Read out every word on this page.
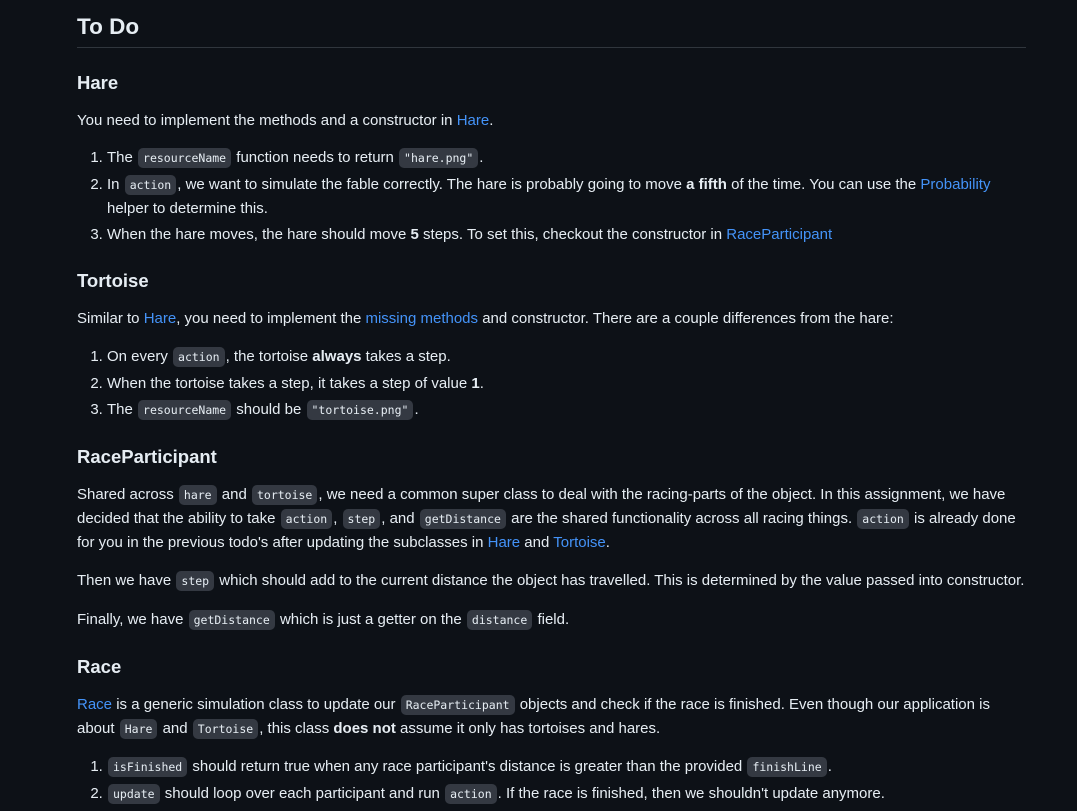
To Do
Hare

You need to implement the methods and a constructor in Hare.

1. The resourceName function needs to return "hare.png" .
2. In action , we want to simulate the fable correctly. The hare is probably going to move a fifth of the time. You can use the Probability helper to determine this.
3. When the hare moves, the hare should move 5 steps. To set this, checkout the constructor in RaceParticipant
Tortoise

Similar to Hare, you need to implement the missing methods and constructor. There are a couple differences from the hare:

1. On every action , the tortoise always takes a step.
2. When the tortoise takes a step, it takes a step of value 1.
3. The resourceName should be "tortoise.png" .
RaceParticipant

Shared across hare and tortoise , we need a common super class to deal with the racing-parts of the object. In this assignment, we have decided that the ability to take action , step , and getDistance are the shared functionality across all racing things. action is already done for you in the previous todo's after updating the subclasses in Hare and Tortoise.

Then we have step which should add to the current distance the object has travelled. This is determined by the value passed into constructor.

Finally, we have getDistance which is just a getter on the distance field.

Race

Race is a generic simulation class to update our RaceParticipant objects and check if the race is finished. Even though our application is about Hare and Tortoise , this class does not assume it only has tortoises and hares.

1. isFinished should return true when any race participant's distance is greater than the provided finishLine .
2. update should loop over each participant and run action . If the race is finished, then we shouldn't update anymore.
